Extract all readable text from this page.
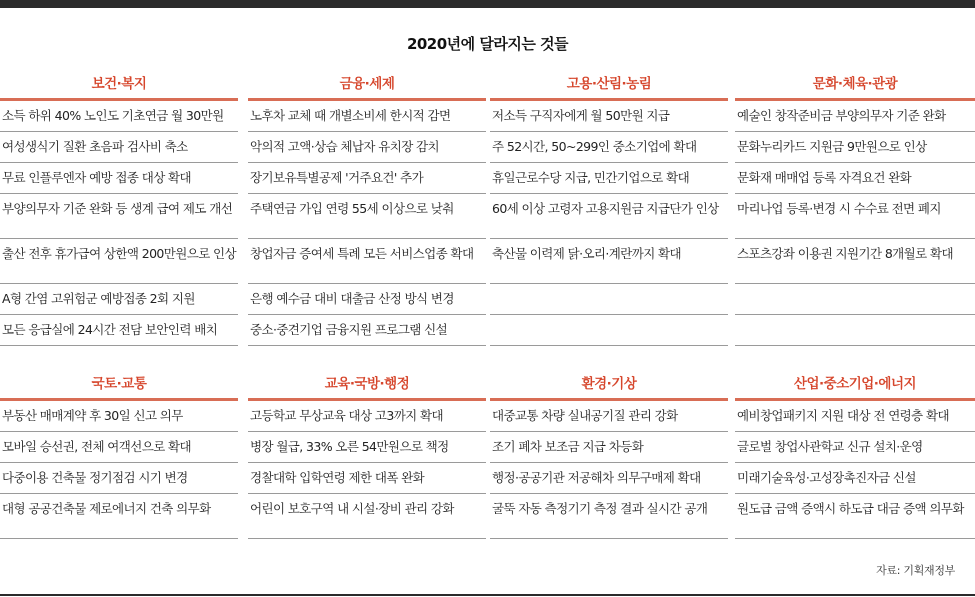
2020년에 달라지는 것들
보건·복지
소득 하위 40% 노인도 기초연금 월 30만원
여성생식기 질환 초음파 검사비 축소
무료 인플루엔자 예방 접종 대상 확대
부양의무자 기준 완화 등 생계 급여 제도 개선
출산 전후 휴가급여 상한액 200만원으로 인상
A형 간염 고위험군 예방접종 2회 지원
모든 응급실에 24시간 전담 보안인력 배치
금융·세제
노후차 교체 때 개별소비세 한시적 감면
악의적 고액·상습 체납자 유치장 감치
장기보유특별공제 '거주요건' 추가
주택연금 가입 연령 55세 이상으로 낮춰
창업자금 증여세 특례 모든 서비스업종 확대
은행 예수금 대비 대출금 산정 방식 변경
중소·중견기업 금융지원 프로그램 신설
고용·산림·농림
저소득 구직자에게 월 50만원 지급
주 52시간, 50~299인 중소기업에 확대
휴일근로수당 지급, 민간기업으로 확대
60세 이상 고령자 고용지원금 지급단가 인상
축산물 이력제 닭·오리·계란까지 확대
문화·체육·관광
예술인 창작준비금 부양의무자 기준 완화
문화누리카드 지원금 9만원으로 인상
문화재 매매업 등록 자격요건 완화
마리나업 등록·변경 시 수수료 전면 폐지
스포츠강좌 이용권 지원기간 8개월로 확대
국토·교통
부동산 매매계약 후 30일 신고 의무
모바일 승선권, 전체 여객선으로 확대
다중이용 건축물 정기점검 시기 변경
대형 공공건축물 제로에너지 건축 의무화
교육·국방·행정
고등학교 무상교육 대상 고3까지 확대
병장 월급, 33% 오른 54만원으로 책정
경찰대학 입학연령 제한 대폭 완화
어린이 보호구역 내 시설·장비 관리 강화
환경·기상
대중교통 차량 실내공기질 관리 강화
조기 폐차 보조금 지급 차등화
행정·공공기관 저공해차 의무구매제 확대
굴뚝 자동 측정기기 측정 결과 실시간 공개
산업·중소기업·에너지
예비창업패키지 지원 대상 전 연령층 확대
글로벌 창업사관학교 신규 설치·운영
미래기술육성·고성장촉진자금 신설
원도급 금액 증액시 하도급 대금 증액 의무화
자료: 기획재정부
